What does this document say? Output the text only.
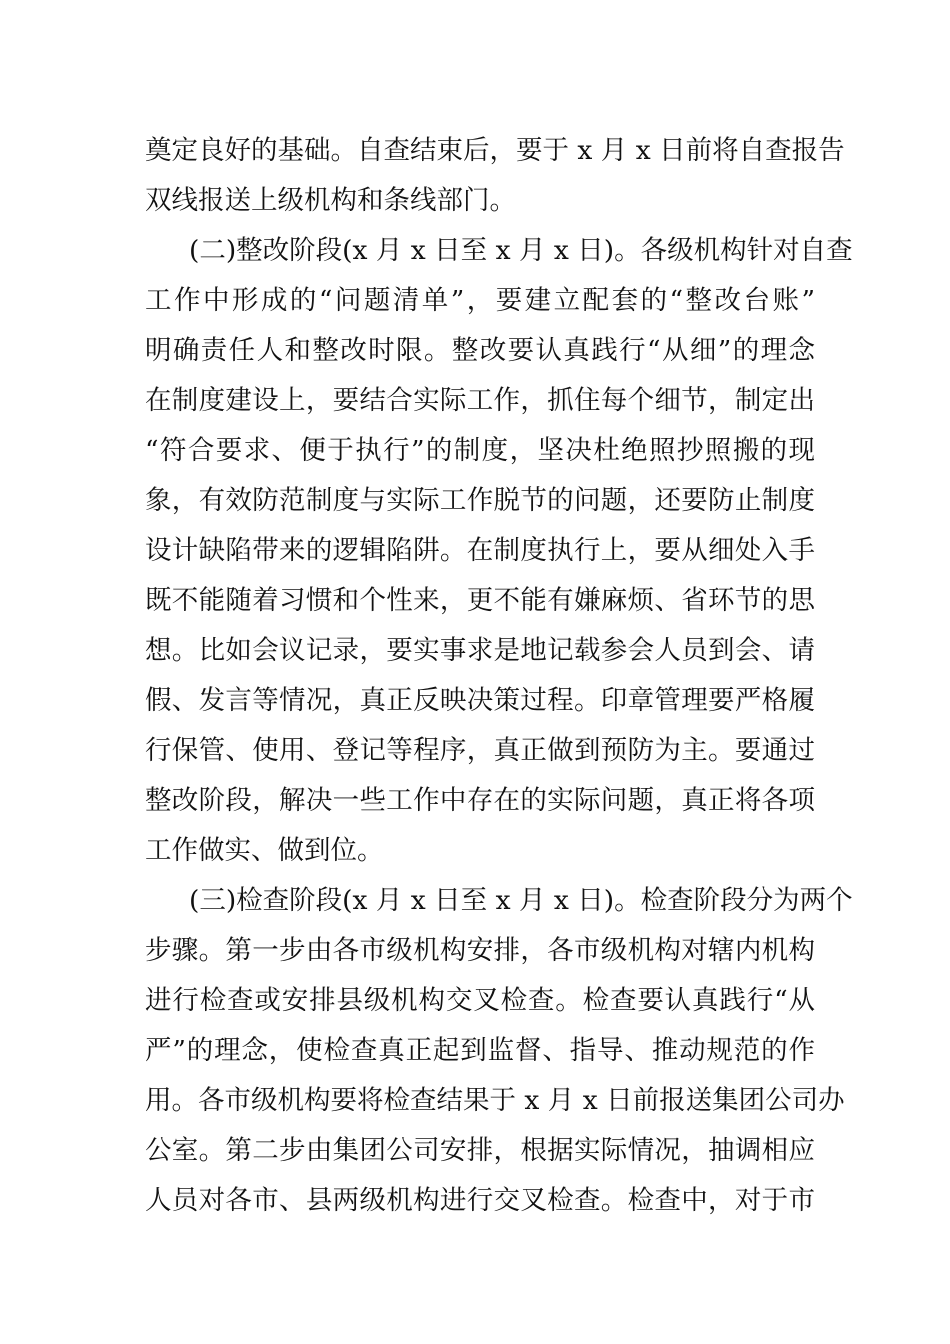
奠定良好的基础。自查结束后，要于 x 月 x 日前将自查报告
双线报送上级机构和条线部门。
(二)整改阶段(x 月 x 日至 x 月 x 日)。各级机构针对自查
工作中形成的“问题清单”，要建立配套的“整改台账”
明确责任人和整改时限。整改要认真践行“从细”的理念
在制度建设上，要结合实际工作，抓住每个细节，制定出
“符合要求、便于执行”的制度，坚决杜绝照抄照搬的现
象，有效防范制度与实际工作脱节的问题，还要防止制度
设计缺陷带来的逻辑陷阱。在制度执行上，要从细处入手
既不能随着习惯和个性来，更不能有嫌麻烦、省环节的思
想。比如会议记录，要实事求是地记载参会人员到会、请
假、发言等情况，真正反映决策过程。印章管理要严格履
行保管、使用、登记等程序，真正做到预防为主。要通过
整改阶段，解决一些工作中存在的实际问题，真正将各项
工作做实、做到位。
(三)检查阶段(x 月 x 日至 x 月 x 日)。检查阶段分为两个
步骤。第一步由各市级机构安排，各市级机构对辖内机构
进行检查或安排县级机构交叉检查。检查要认真践行“从
严”的理念，使检查真正起到监督、指导、推动规范的作
用。各市级机构要将检查结果于 x 月 x 日前报送集团公司办
公室。第二步由集团公司安排，根据实际情况，抽调相应
人员对各市、县两级机构进行交叉检查。检查中，对于市
